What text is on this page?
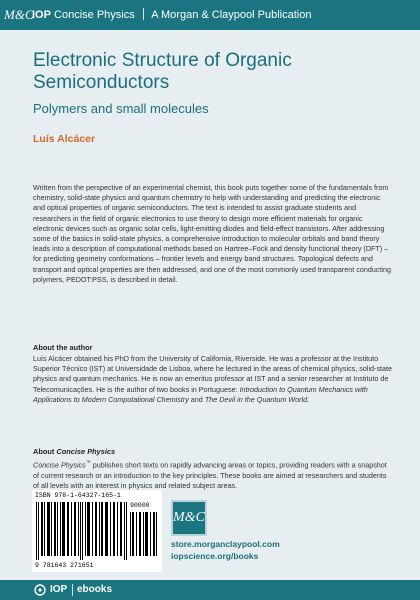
M&C
IOP Concise Physics A Morgan & Claypool Publication
Electronic Structure of Organic Semiconductors
Polymers and small molecules
Luís Alcácer
Written from the perspective of an experimental chemist, this book puts together some of the fundamentals from chemistry, solid-state physics and quantum chemistry to help with understanding and predicting the electronic and optical properties of organic semiconductors. The text is intended to assist graduate students and researchers in the field of organic electronics to use theory to design more efficient materials for organic electronic devices such as organic solar cells, light-emitting diodes and field-effect transistors. After addressing some of the basics in solid-state physics, a comprehensive introduction to molecular orbitals and band theory leads into a description of computational methods based on Hartree–Fock and density functional theory (DFT) – for predicting geometry conformations – frontier levels and energy band structures. Topological defects and transport and optical properties are then addressed, and one of the most commonly used transparent conducting polymers, PEDOT:PSS, is described in detail.
About the author
Luís Alcácer obtained his PhD from the University of California, Riverside. He was a professor at the Instituto Superior Técnico (IST) at Universidade de Lisboa, where he lectured in the areas of chemical physics, solid-state physics and quantum mechanics. He is now an emeritus professor at IST and a senior researcher at Instituto de Telecomunicações. He is the author of two books in Portuguese: Introduction to Quantum Mechanics with Applications to Modern Computational Chemistry and The Devil in the Quantum World.
About Concise Physics
Concise Physics™ publishes short texts on rapidly advancing areas or topics, providing readers with a snapshot of current research or an introduction to the key principles. These books are aimed at researchers and students of all levels with an interest in physics and related subject areas.
ISBN 978-1-64327-165-1
90000
9 781643 271651
M&C
store.morganclaypool.com
iopscience.org/books
IOP ebooks
